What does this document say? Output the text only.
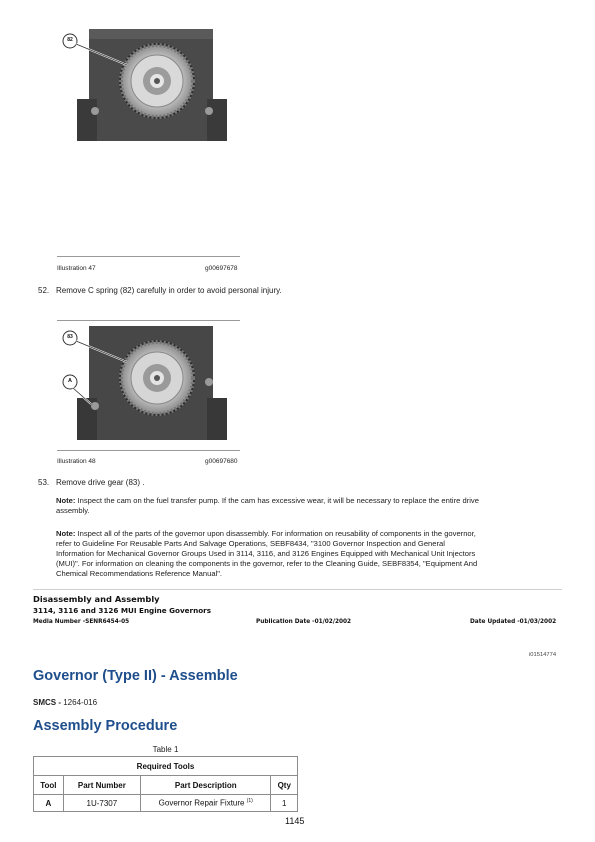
82
Illustration 47	g00697678
52. Remove C spring (82) carefully in order to avoid personal injury.
83
A
Illustration 48	g00697680
53. Remove drive gear (83) .
Note: Inspect the cam on the fuel transfer pump. If the cam has excessive wear, it will be necessary to replace the entire drive
assembly.
Note: Inspect all of the parts of the governor upon disassembly. For information on reusability of components in the governor,
refer to Guideline For Reusable Parts And Salvage Operations, SEBF8434, "3100 Governor Inspection and General
Information for Mechanical Governor Groups Used in 3114, 3116, and 3126 Engines Equipped with Mechanical Unit Injectors
(MUI)". For information on cleaning the components in the governor, refer to the Cleaning Guide, SEBF8354, "Equipment And
Chemical Recommendations Reference Manual".
Disassembly and Assembly
3114, 3116 and 3126 MUI Engine Governors
Media Number -SENR6454-05	Publication Date -01/02/2002	Date Updated -01/03/2002
i01514774
Governor (Type II) - Assemble
SMCS - 1264-016
Assembly Procedure
Table 1
Required Tools			
Tool	Part Number	Part Description	Qty
A	1U-7307	Governor Repair Fixture $^{(1)}$	1
1145
